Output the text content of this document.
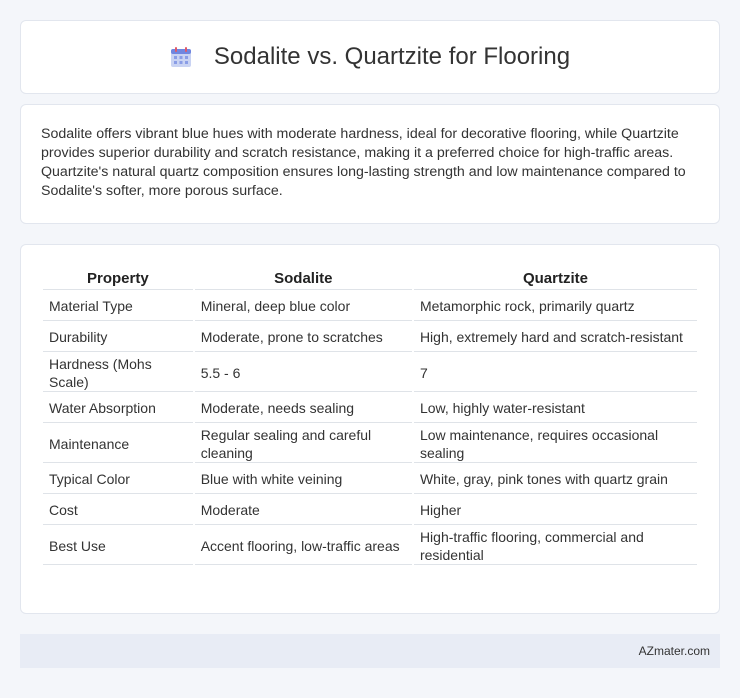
Sodalite vs. Quartzite for Flooring

Sodalite offers vibrant blue hues with moderate hardness, ideal for decorative flooring, while Quartzite provides superior durability and scratch resistance, making it a preferred choice for high-traffic areas. Quartzite's natural quartz composition ensures long-lasting strength and low maintenance compared to Sodalite's softer, more porous surface.

Property	Sodalite	Quartzite
Material Type	Mineral, deep blue color	Metamorphic rock, primarily quartz
Durability	Moderate, prone to scratches	High, extremely hard and scratch-resistant
Hardness (Mohs Scale)	5.5 - 6	7
Water Absorption	Moderate, needs sealing	Low, highly water-resistant
Maintenance	Regular sealing and careful cleaning	Low maintenance, requires occasional sealing
Typical Color	Blue with white veining	White, gray, pink tones with quartz grain
Cost	Moderate	Higher
Best Use	Accent flooring, low-traffic areas	High-traffic flooring, commercial and residential
AZmater.com
